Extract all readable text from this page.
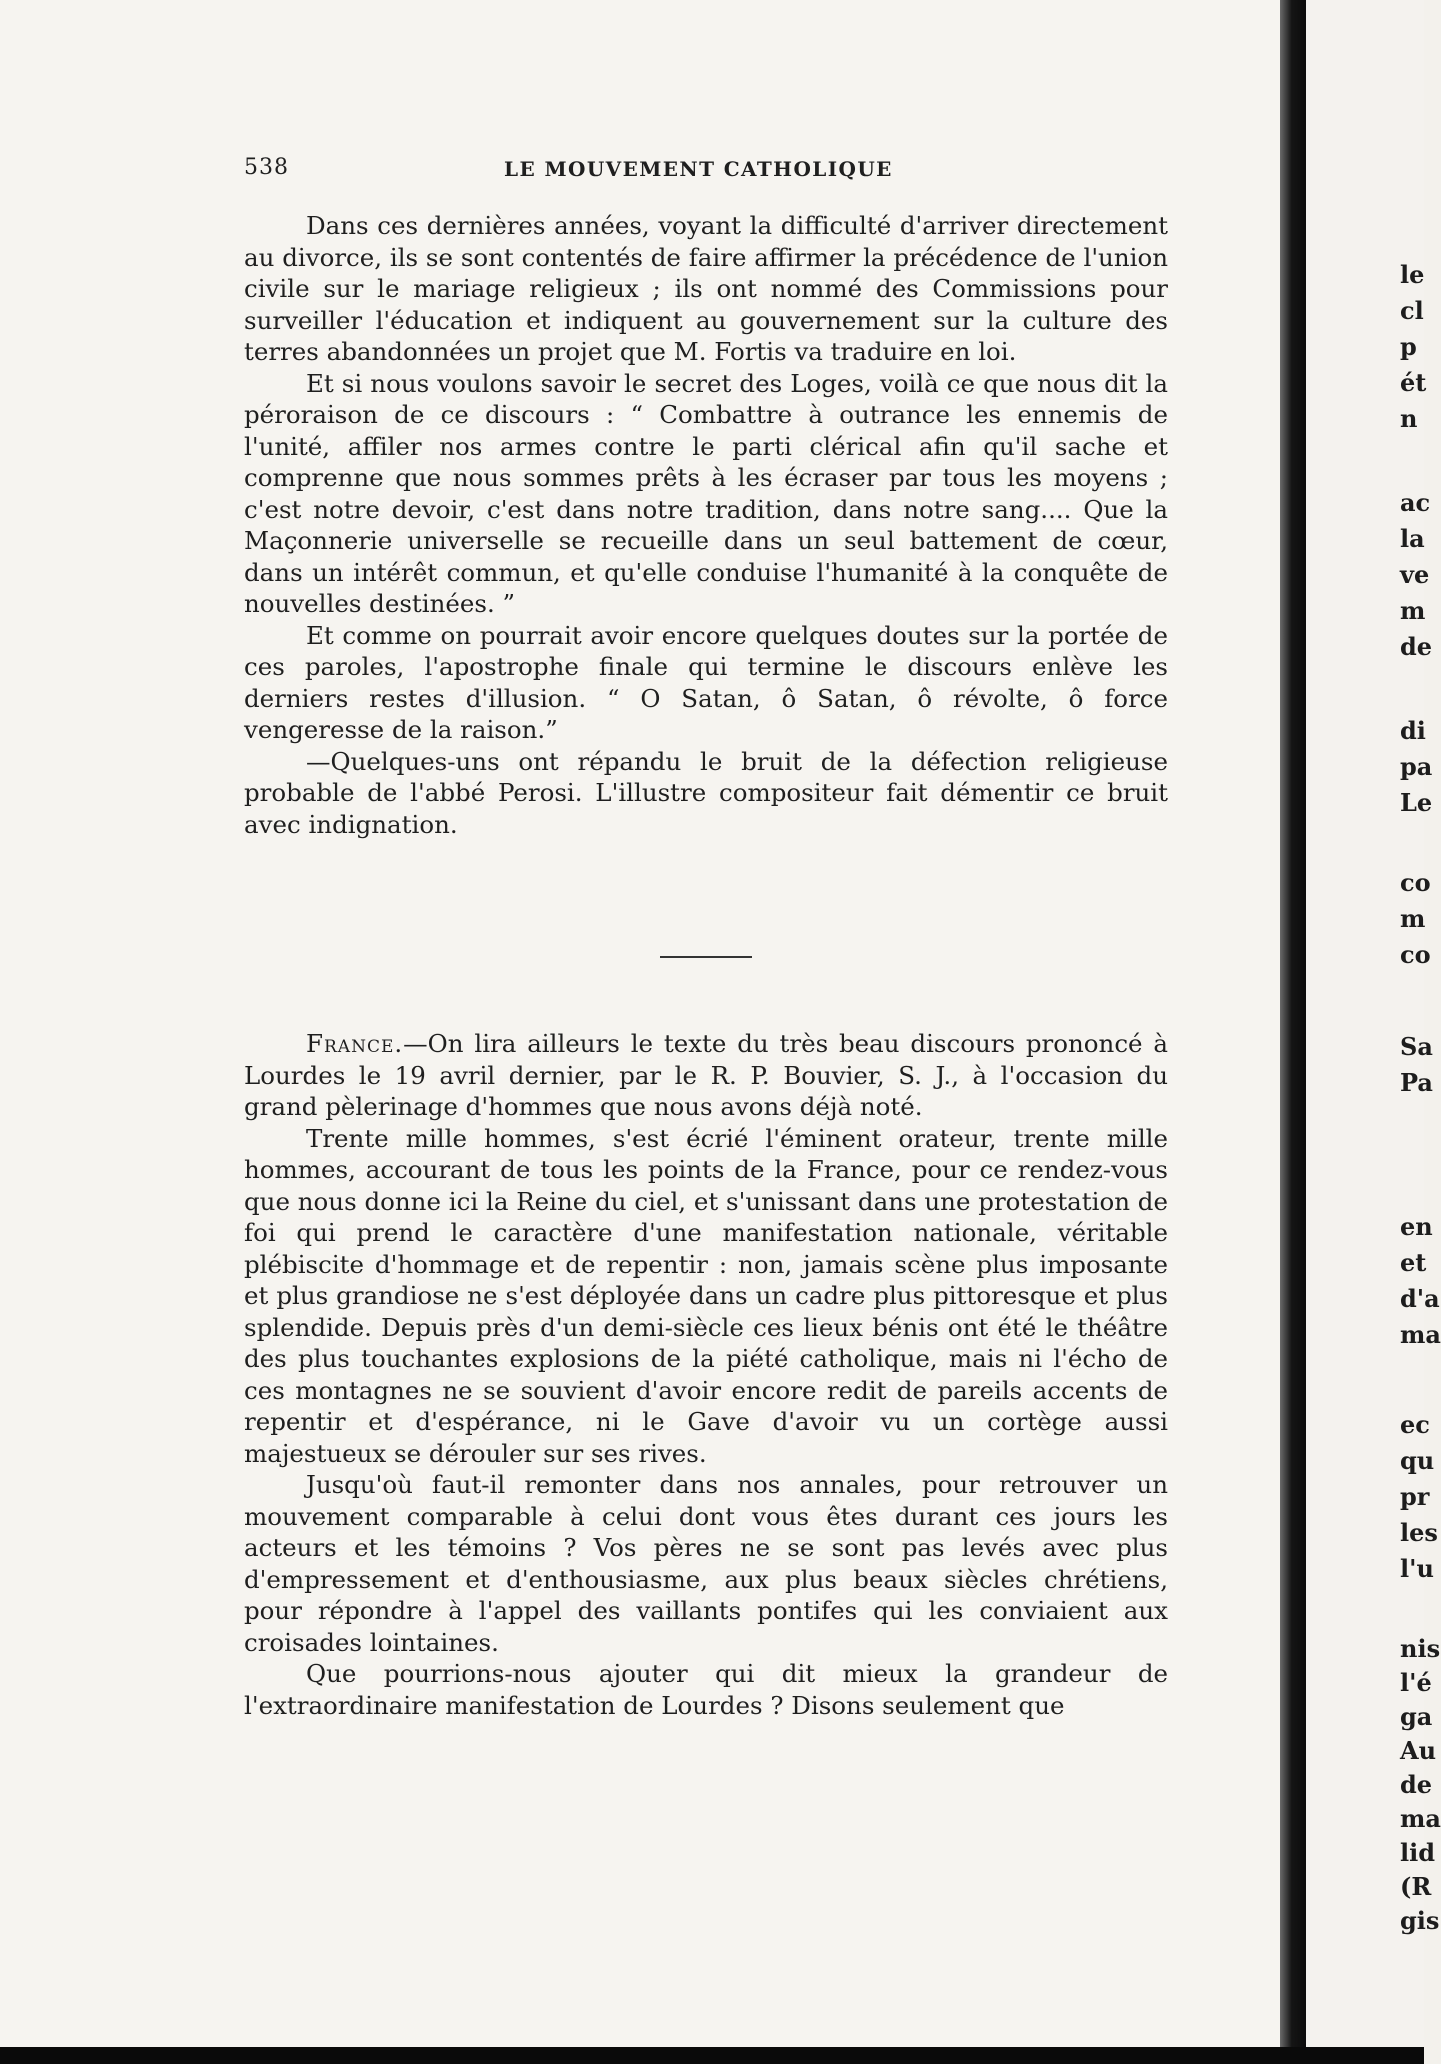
538	LE MOUVEMENT CATHOLIQUE

Dans ces dernières années, voyant la difficulté d'arriver directement au divorce, ils se sont contentés de faire affirmer la précédence de l'union civile sur le mariage religieux ; ils ont nommé des Commissions pour surveiller l'éducation et indiquent au gouvernement sur la culture des terres abandonnées un projet que M. Fortis va traduire en loi.

Et si nous voulons savoir le secret des Loges, voilà ce que nous dit la péroraison de ce discours : “ Combattre à outrance les ennemis de l'unité, affiler nos armes contre le parti clérical afin qu'il sache et comprenne que nous sommes prêts à les écraser par tous les moyens ; c'est notre devoir, c'est dans notre tradition, dans notre sang.... Que la Maçonnerie universelle se recueille dans un seul battement de cœur, dans un intérêt commun, et qu'elle conduise l'humanité à la conquête de nouvelles destinées. ”

Et comme on pourrait avoir encore quelques doutes sur la portée de ces paroles, l'apostrophe finale qui termine le discours enlève les derniers restes d'illusion. “ O Satan, ô Satan, ô révolte, ô force vengeresse de la raison.”

—Quelques-uns ont répandu le bruit de la défection religieuse probable de l'abbé Perosi. L'illustre compositeur fait démentir ce bruit avec indignation.

France.—On lira ailleurs le texte du très beau discours prononcé à Lourdes le 19 avril dernier, par le R. P. Bouvier, S. J., à l'occasion du grand pèlerinage d'hommes que nous avons déjà noté.

Trente mille hommes, s'est écrié l'éminent orateur, trente mille hommes, accourant de tous les points de la France, pour ce rendez-vous que nous donne ici la Reine du ciel, et s'unissant dans une protestation de foi qui prend le caractère d'une manifestation nationale, véritable plébiscite d'hommage et de repentir : non, jamais scène plus imposante et plus grandiose ne s'est déployée dans un cadre plus pittoresque et plus splendide. Depuis près d'un demi-siècle ces lieux bénis ont été le théâtre des plus touchantes explosions de la piété catholique, mais ni l'écho de ces montagnes ne se souvient d'avoir encore redit de pareils accents de repentir et d'espérance, ni le Gave d'avoir vu un cortège aussi majestueux se dérouler sur ses rives.

Jusqu'où faut-il remonter dans nos annales, pour retrouver un mouvement comparable à celui dont vous êtes durant ces jours les acteurs et les témoins ? Vos pères ne se sont pas levés avec plus d'empressement et d'enthousiasme, aux plus beaux siècles chrétiens, pour répondre à l'appel des vaillants pontifes qui les conviaient aux croisades lointaines.

Que pourrions-nous ajouter qui dit mieux la grandeur de l'extraordinaire manifestation de Lourdes ? Disons seulement que

le
cl
p
ét
n
ac
la
ve
m
de
di
pa
Le
co
m
co
Sa
Pa
en
et
d'a
ma
ec
qu
pr
les
l'u
nis
l'é
ga
Au
de
ma
lid
(R
gis
